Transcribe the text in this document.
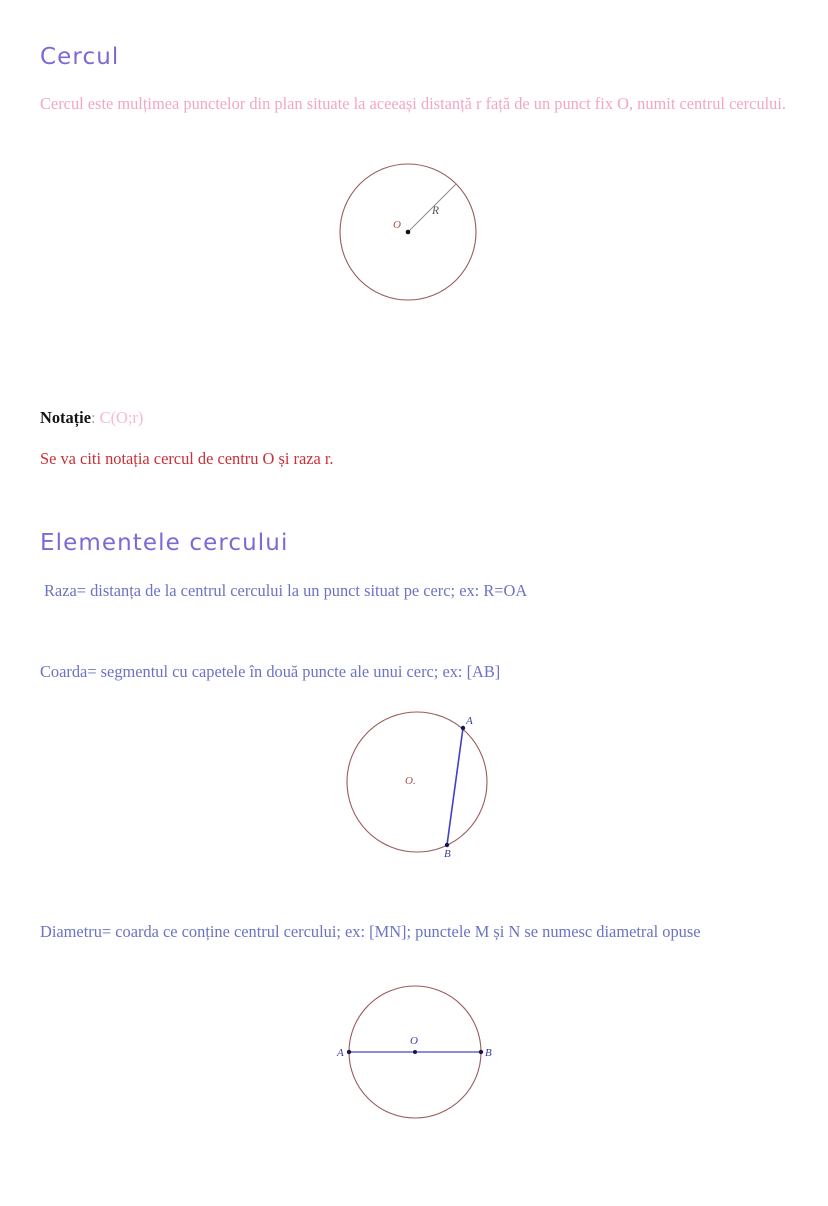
Cercul
Cercul este mulțimea punctelor din plan situate la aceeași distanță r față de un punct fix O, numit centrul cercului.
O
R
Notație: C(O;r)
Se va citi notația cercul de centru O și raza r.
Elementele cercului
Raza= distanța de la centrul cercului la un punct situat pe cerc; ex: R=OA
Coarda= segmentul cu capetele în două puncte ale unui cerc; ex: [AB]
A
B
O.
Diametru= coarda ce conține centrul cercului; ex: [MN]; punctele M și N se numesc diametral opuse
A	B
O
